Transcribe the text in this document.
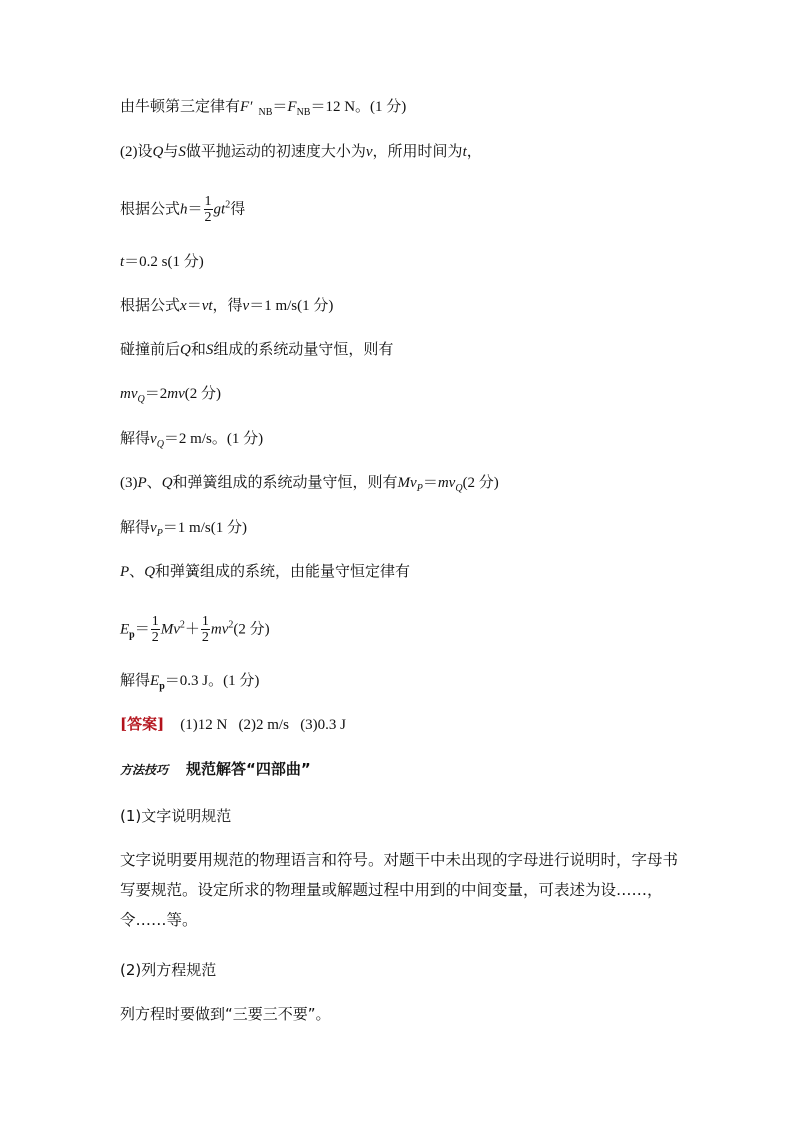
由牛顿第三定律有F′ $_{NB}=F_{NB}=12$ N。(1 分)
(2)设Q与S做平抛运动的初速度大小为v，所用时间为t，
根据公式$h= \frac{1}{2} gt^2$得
t＝0.2 s(1 分)
根据公式x＝vt，得v＝1 m/s(1 分)
碰撞前后Q和S组成的系统动量守恒，则有
$mv_Q=2mv(2$ 分)
解得$v_Q=2$ m/s。(1 分)
(3)P、Q和弹簧组成的系统动量守恒，则有$Mv_P=mv_Q(2$ 分)
解得$v_P=1$ m/s(1 分)
P、Q和弹簧组成的系统，由能量守恒定律有
$E_p= \frac{1}{2} Mv^2+ \frac{1}{2} mv^2(2$ 分)
解得$E_p=0.3$ J。(1 分)
[答案] (1)12 N   (2)2 m/s   (3)0.3 J
方法技巧 规范解答“四部曲”
(1)文字说明规范
文字说明要用规范的物理语言和符号。对题干中未出现的字母进行说明时，字母书写要规范。设定所求的物理量或解题过程中用到的中间变量，可表述为设……，令……等。
(2)列方程规范
列方程时要做到“三要三不要”。
